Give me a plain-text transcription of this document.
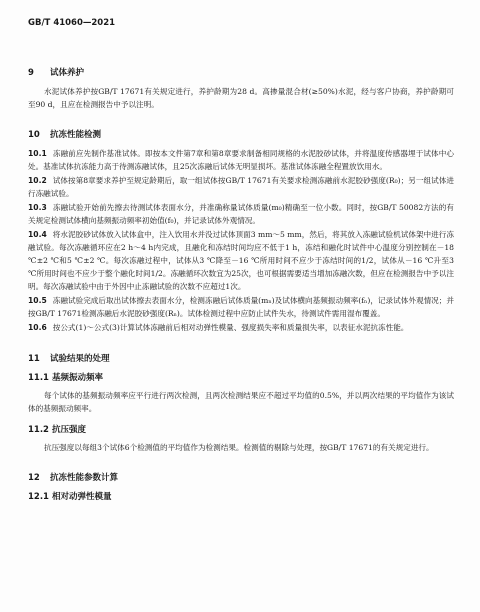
GB/T 41060—2021
9 试体养护

水泥试体养护按GB/T 17671有关规定进行，养护龄期为28 d。高掺量混合材(≥50%)水泥，经与客户协商，养护龄期可至90 d，且应在检测报告中予以注明。

10 抗冻性能检测

10.1 冻融前应先制作基准试体。即按本文件第7章和第8章要求制备相同规格的水泥胶砂试体，并将温度传感器埋于试体中心处。基准试体抗冻能力高于待测冻融试体，且25次冻融后试体无明显损坏。基准试体冻融全程置放饮用水。

10.2 试体按第8章要求养护至规定龄期后，取一组试体按GB/T 17671有关要求检测冻融前水泥胶砂强度(R₀)；另一组试体进行冻融试验。

10.3 冻融试验开始前先擦去待测试体表面水分，并准确称量试体质量(m₀)精确至一位小数。同时，按GB/T 50082方法的有关规定检测试体横向基频振动频率初始值(f₀)，并记录试体外观情况。

10.4 将水泥胶砂试体放入试体盒中，注入饮用水并没过试体顶面3 mm～5 mm，然后，将其放入冻融试验机试体架中进行冻融试验。每次冻融循环应在2 h～4 h内完成，且融化和冻结时间均应不低于1 h，冻结和融化时试件中心温度分别控制在－18 ℃±2 ℃和5 ℃±2 ℃。每次冻融过程中，试体从3 ℃降至－16 ℃所用时间不应少于冻结时间的1/2，试体从－16 ℃升至3 ℃所用时间也不应少于整个融化时间1/2。冻融循环次数宜为25次，也可根据需要适当增加冻融次数，但应在检测报告中予以注明。每次冻融试验中由于外因中止冻融试验的次数不应超过1次。

10.5 冻融试验完成后取出试体擦去表面水分，检测冻融后试体质量(mₙ)及试体横向基频振动频率(fₙ)，记录试体外观情况；并按GB/T 17671检测冻融后水泥胶砂强度(Rₙ)。试体检测过程中应防止试件失水，待测试件需用湿布覆盖。

10.6 按公式(1)～公式(3)计算试体冻融前后相对动弹性模量、强度损失率和质量损失率，以表征水泥抗冻性能。

11 试验结果的处理
11.1 基频振动频率

每个试体的基频振动频率应平行进行两次检测，且两次检测结果应不超过平均值的0.5%，并以两次结果的平均值作为该试体的基频振动频率。

11.2 抗压强度

抗压强度以每组3个试体6个检测值的平均值作为检测结果。检测值的剔除与处理，按GB/T 17671的有关规定进行。

12 抗冻性能参数计算
12.1 相对动弹性模量
